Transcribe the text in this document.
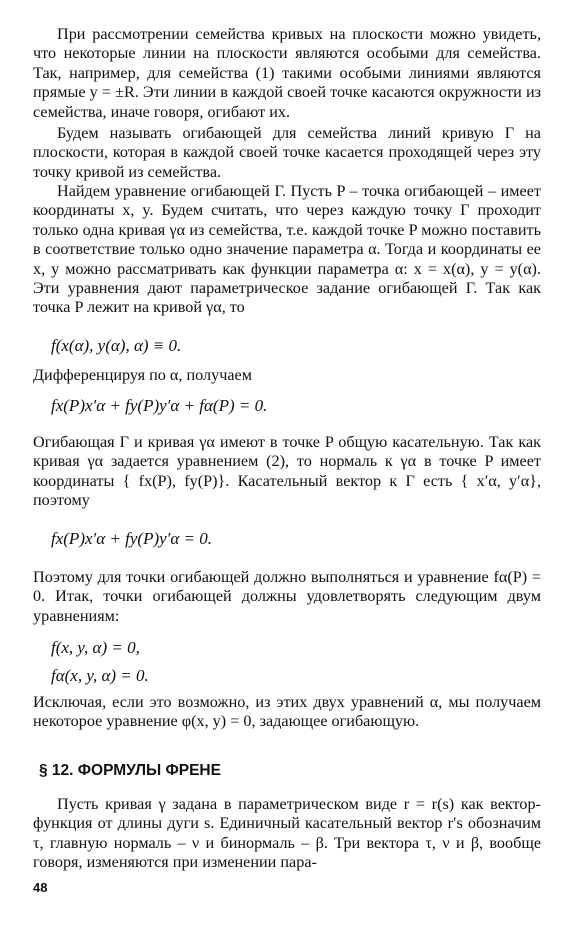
При рассмотрении семейства кривых на плоскости можно увидеть, что некоторые линии на плоскости являются особыми для семейства. Так, например, для семейства (1) такими особыми линиями являются прямые y = ±R. Эти линии в каждой своей точке касаются окружности из семейства, иначе говоря, огибают их.

Будем называть огибающей для семейства линий кривую Γ на плоскости, которая в каждой своей точке касается проходящей через эту точку кривой из семейства.

Найдем уравнение огибающей Γ. Пусть P – точка огибающей – имеет координаты x, y. Будем считать, что через каждую точку Γ проходит только одна кривая γα из семейства, т.е. каждой точке P можно поставить в соответствие только одно значение параметра α. Тогда и координаты ее x, y можно рассматривать как функции параметра α: x = x(α), y = y(α). Эти уравнения дают параметрическое задание огибающей Γ. Так как точка P лежит на кривой γα, то

f(x(α), y(α), α) ≡ 0.

Дифференцируя по α, получаем

fx(P)x′α + fy(P)y′α + fα(P) = 0.

Огибающая Γ и кривая γα имеют в точке P общую касательную. Так как кривая γα задается уравнением (2), то нормаль к γα в точке P имеет координаты { fx(P), fy(P)}. Касательный вектор к Γ есть { x′α, y′α}, поэтому

fx(P)x′α + fy(P)y′α = 0.

Поэтому для точки огибающей должно выполняться и уравнение fα(P) = 0. Итак, точки огибающей должны удовлетворять следующим двум уравнениям:

f(x, y, α) = 0,
fα(x, y, α) = 0.

Исключая, если это возможно, из этих двух уравнений α, мы получаем некоторое уравнение φ(x, y) = 0, задающее огибающую.

§ 12. ФОРМУЛЫ ФРЕНЕ

Пусть кривая γ задана в параметрическом виде r = r(s) как вектор-функция от длины дуги s. Единичный касательный вектор r′s обозначим τ, главную нормаль – ν и бинормаль – β. Три вектора τ, ν и β, вообще говоря, изменяются при изменении пара-

48
